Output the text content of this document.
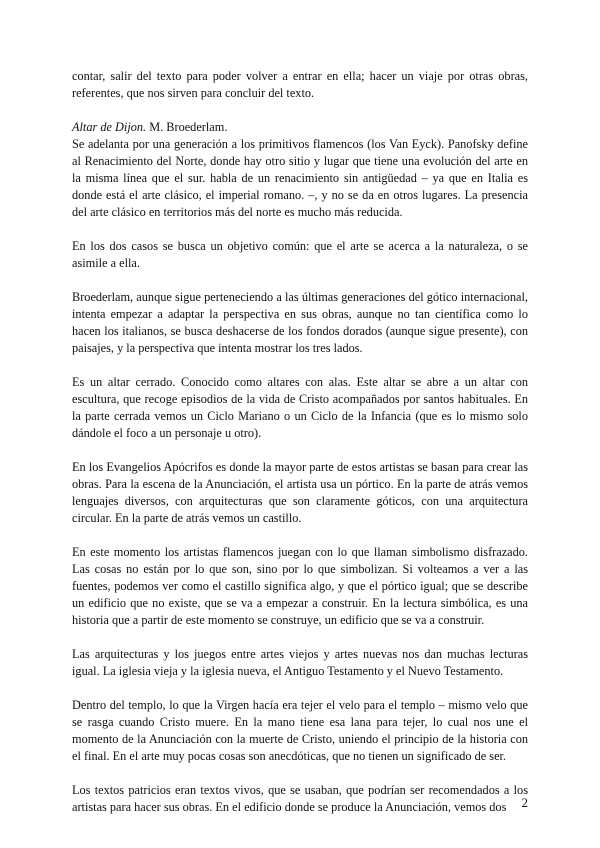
contar, salir del texto para poder volver a entrar en ella; hacer un viaje por otras obras, referentes, que nos sirven para concluir del texto.

Altar de Dijon. M. Broederlam.

Se adelanta por una generación a los primitivos flamencos (los Van Eyck). Panofsky define al Renacimiento del Norte, donde hay otro sitio y lugar que tiene una evolución del arte en la misma línea que el sur. habla de un renacimiento sin antigüedad – ya que en Italia es donde está el arte clásico, el imperial romano. –, y no se da en otros lugares. La presencia del arte clásico en territorios más del norte es mucho más reducida.

En los dos casos se busca un objetivo común: que el arte se acerca a la naturaleza, o se asimile a ella.

Broederlam, aunque sigue perteneciendo a las últimas generaciones del gótico internacional, intenta empezar a adaptar la perspectiva en sus obras, aunque no tan científica como lo hacen los italianos, se busca deshacerse de los fondos dorados (aunque sigue presente), con paisajes, y la perspectiva que intenta mostrar los tres lados.

Es un altar cerrado. Conocido como altares con alas. Este altar se abre a un altar con escultura, que recoge episodios de la vida de Cristo acompañados por santos habituales. En la parte cerrada vemos un Ciclo Mariano o un Ciclo de la Infancia (que es lo mismo solo dándole el foco a un personaje u otro).

En los Evangelios Apócrifos es donde la mayor parte de estos artistas se basan para crear las obras. Para la escena de la Anunciación, el artista usa un pórtico. En la parte de atrás vemos lenguajes diversos, con arquitecturas que son claramente góticos, con una arquitectura circular. En la parte de atrás vemos un castillo.

En este momento los artistas flamencos juegan con lo que llaman simbolismo disfrazado. Las cosas no están por lo que son, sino por lo que simbolizan. Si volteamos a ver a las fuentes, podemos ver como el castillo significa algo, y que el pórtico igual; que se describe un edificio que no existe, que se va a empezar a construir. En la lectura simbólica, es una historia que a partir de este momento se construye, un edificio que se va a construir.

Las arquitecturas y los juegos entre artes viejos y artes nuevas nos dan muchas lecturas igual. La iglesia vieja y la iglesia nueva, el Antiguo Testamento y el Nuevo Testamento.

Dentro del templo, lo que la Virgen hacía era tejer el velo para el templo – mismo velo que se rasga cuando Cristo muere. En la mano tiene esa lana para tejer, lo cual nos une el momento de la Anunciación con la muerte de Cristo, uniendo el principio de la historia con el final. En el arte muy pocas cosas son anecdóticas, que no tienen un significado de ser.

Los textos patricios eran textos vivos, que se usaban, que podrían ser recomendados a los artistas para hacer sus obras. En el edificio donde se produce la Anunciación, vemos dos	2
